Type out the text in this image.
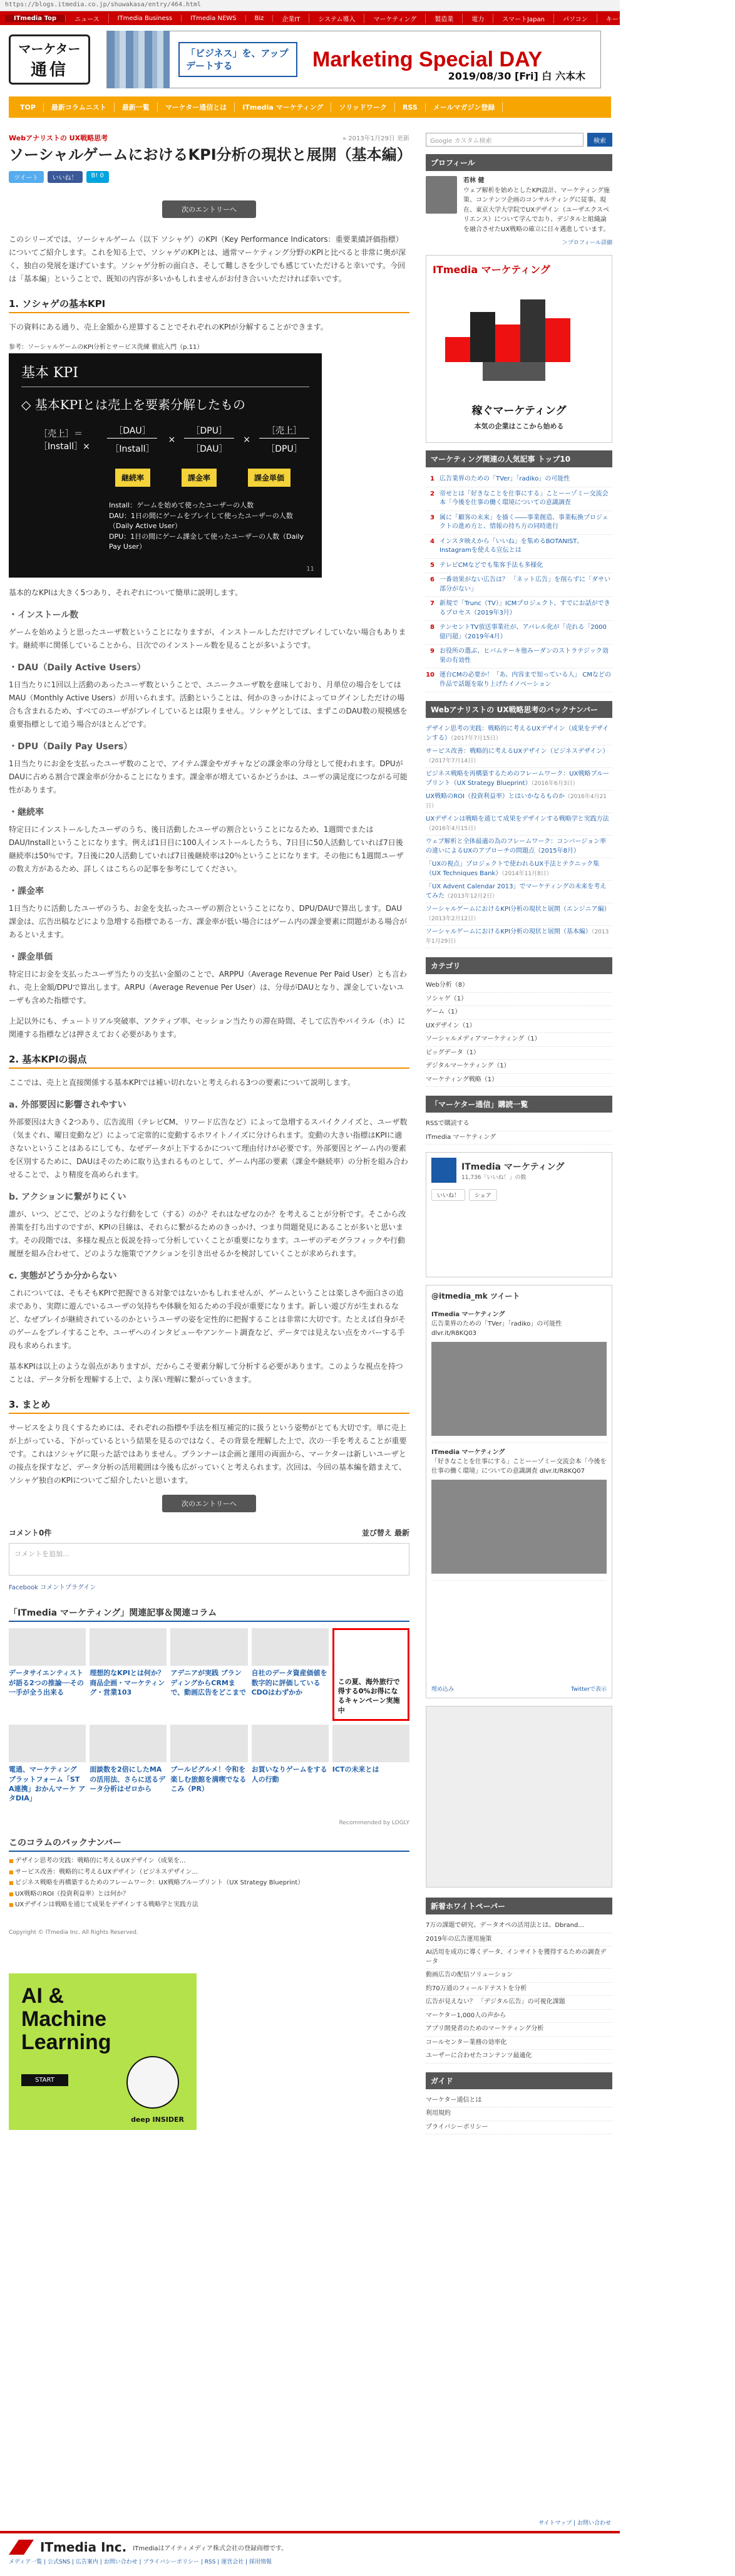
https://blogs.itmedia.co.jp/shuwakasa/entry/464.html
ITmedia Top	ニュース	ITmedia Business	ITmedia NEWS	Biz	企業IT	システム導入	マーケティング	製造業	電力	スマートJapan	パソコン	キーマンズ	TechTarget	ブログ
マーケター
通信
「ビジネス」を、アップデートする	Marketing Special DAY
2019/08/30 [Fri] 白 六本木
TOP	最新コラムニスト	最新一覧	マーケター通信とは	ITmedia マーケティング	ソリッドワーク	RSS	メールマガジン登録
Webアナリストの UX戦略思考	» 2013年1月29日 更新
ソーシャルゲームにおけるKPI分析の現状と展開（基本編）
ツイート	いいね！	B! 0
次のエントリーへ

このシリーズでは、ソーシャルゲーム（以下 ソシャゲ）のKPI（Key Performance Indicators：重要業績評価指標）についてご紹介します。これを知る上で、ソシャゲのKPIとは、通常マーケティング分野のKPIと比べると非常に奥が深く、独自の発展を遂げています。ソシャゲ分析の面白さ、そして難しさを少しでも感じていただけると幸いです。今回は「基本編」ということで、既知の内容が多いかもしれませんがお付き合いいただければ幸いです。

1. ソシャゲの基本KPI

下の資料にある通り、売上金額から逆算することでそれぞれのKPIが分解することができます。

参考：ソーシャルゲームのKPI分析とサービス洗練 徹底入門（p.11）
基本 KPI
◇ 基本KPIとは売上を要素分解したもの
［売上］＝［Install］×
［DAU］
［Install］
×
［DPU］
［DAU］
×
［売上］
［DPU］
継続率	課金率	課金単価
Install：ゲームを始めて使ったユーザーの人数
DAU：1日の間にゲームをプレイして使ったユーザーの人数（Daily Active User）
DPU：1日の間にゲーム課金して使ったユーザーの人数（Daily Pay User）
11

基本的なKPIは大きく5つあり、それぞれについて簡単に説明します。

・インストール数

ゲームを始めようと思ったユーザ数ということになりますが、インストールしただけでプレイしていない場合もあります。継続率に関係していることから、日次でのインストール数を見ることが多いようです。

・DAU（Daily Active Users）

1日当たりに1回以上活動のあったユーザ数ということで、ユニークユーザ数を意味しており、月単位の場合をしてはMAU（Monthly Active Users）が用いられます。活動ということは、何かのきっかけによってログインしただけの場合も含まれるため、すべてのユーザがプレイしているとは限りません。ソシャゲとしては、まずこのDAU数の規模感を重要指標として追う場合がほとんどです。

・DPU（Daily Pay Users）

1日当たりにお金を支払ったユーザ数のことで、アイテム課金やガチャなどの課金率の分母として使われます。DPUがDAUに占める割合で課金率が分かることになります。課金率が増えているかどうかは、ユーザの満足度につながる可能性があります。

・継続率

特定日にインストールしたユーザのうち、後日活動したユーザの割合ということになるため、1週間でまたはDAU/Installということになります。例えば1日目に100人インストールしたうち、7日目に50人活動していれば7日後継続率は50％です。7日後に20人活動していれば7日後継続率は20％ということになります。その他にも1週間ユーザの数え方があるため、詳しくはこちらの記事を参考にしてください。

・課金率

1日当たりに活動したユーザのうち、お金を支払ったユーザの割合ということになり、DPU/DAUで算出します。DAU課金は、広告出稿などにより急増する指標である一方、課金率が低い場合にはゲーム内の課金要素に問題がある場合があるといえます。

・課金単価

特定日にお金を支払ったユーザ当たりの支払い金額のことで、ARPPU（Average Revenue Per Paid User）とも言われ、売上金額/DPUで算出します。ARPU（Average Revenue Per User）は、分母がDAUとなり、課金していないユーザも含めた指標です。

上記以外にも、チュートリアル突破率、アクティブ率、セッション当たりの滞在時間、そして広告やバイラル（ホ）に関連する指標などは押さえておく必要があります。

2. 基本KPIの弱点

ここでは、売上と直接関係する基本KPIでは補い切れないと考えられる3つの要素について説明します。

a. 外部要因に影響されやすい

外部要因は大きく2つあり、広告流用（テレビCM、リワード広告など）によって急増するスパイクノイズと、ユーザ数（気まぐれ、曜日変動など）によって定常的に変動するホワイトノイズに分けられます。変動の大きい指標はKPIに適さないということはあるにしても、なぜデータが上下するかについて理由付けが必要です。外部要因とゲーム内の要素を区別するために、DAUはそのために取り込まれるものとして、ゲーム内部の要素（課金や継続率）の分析を組み合わせることで、より精度を高められます。

b. アクションに繋がりにくい

誰が、いつ、どこで、どのような行動をして（する）のか？それはなぜなのか？を考えることが分析です。そこから改善策を打ち出すのですが、KPIの目線は、それらに繋がるためのきっかけ、つまり問題発見にあることが多いと思います。その段階では、多様な視点と仮説を持って分析していくことが重要になります。ユーザのデモグラフィックや行動履歴を組み合わせて、どのような施策でアクションを引き出せるかを検討していくことが求められます。

c. 実態がどうか分からない

これについては、そもそもKPIで把握できる対象ではないかもしれませんが、ゲームということは楽しさや面白さの追求であり、実際に遊んでいるユーザの気持ちや体験を知るための手段が重要になります。新しい遊び方が生まれるなど、なぜプレイが継続されているのかというユーザの姿を定性的に把握することは非常に大切です。たとえば自身がそのゲームをプレイすることや、ユーザへのインタビューやアンケート調査など、データでは見えない点をカバーする手段も求められます。

基本KPIは以上のような弱点がありますが、だからこそ要素分解して分析する必要があります。このような視点を持つことは、データ分析を理解する上で、より深い理解に繋がっていきます。

3. まとめ

サービスをより良くするためには、それぞれの指標や手法を相互補完的に扱うという姿勢がとても大切です。単に売上が上がっている、下がっているという結果を見るのではなく、その背景を理解した上で、次の一手を考えることが重要です。これはソシャゲに限った話ではありません。プランナーは企画と運用の両面から、マーケターは新しいユーザとの接点を探すなど、データ分析の活用範囲は今後も広がっていくと考えられます。次回は、今回の基本編を踏まえて、ソシャゲ独自のKPIについてご紹介したいと思います。

次のエントリーへ
コメント0件	並び替え 最新
コメントを追加...
Facebook コメントプラグイン
「ITmedia マーケティング」関連記事＆関連コラム
データサイエンティストが語る2つの推論──その一手が全う出来る
理想的なKPIとは何か？ 商品企画・マーケティング・営業103
アデニアが実践 ブランディングからCRMまで、動画広告をどこまで
自社のデータ資産価値を数字的に評価しているCDOはわずかか
この夏、海外旅行で得する0%お得になるキャンペーン実施中
電通、マーケティング プラットフォーム「ST A連携」おかんマーケ アタDIA」
面談数を2倍にしたMAの活用法、さらに送るデータ分析はゼロから
ブールビグルメ！令和を楽しむ旅館を満喫でなるこみ（PR）
お買いなりゲームをする人の行動
ICTの未来とは
Recommended by LOGLY
このコラムのバックナンバー
■ デザイン思考の実践：戦略的に考えるUXデザイン（成果を...
■ サービス改善：戦略的に考えるUXデザイン（ビジネスデザイン...
■ ビジネス戦略を再構築するためのフレームワーク：UX戦略ブループリント（UX Strategy Blueprint）
■ UX戦略のROI（投資利益率）とは何か？
■ UXデザインは戦略を通じて成果をデザインする戦略学と実践方法
Copyright © ITmedia Inc. All Rights Reserved.
AI &
Machine
Learning
START
deep INSIDER
Google カスタム検索	検索
プロフィール
若林 健
ウェブ解析を始めとしたKPI設計、マーケティング施策、コンテンツ企画のコンサルティングに従事。現在、東京大学大学院でUXデザイン（ユーザエクスペリエンス）について学んでおり、デジタルと組織論を融合させたUX戦略の確立に日々邁進しています。
＞プロフィール詳細
ITmedia マーケティング
稼ぐマーケティング
本気の企業はここから始める
マーケティング関連の人気記事 トップ10
1 広告業界のための「TVer」「radiko」の可能性
2 帝せとは「好きなことを仕事にする」ことーーゾミー交流会本「今後を仕事の働く環境についての意識調査
3 属に「顧客の未来」を描く――事業創造、事業転換プロジェクトの進め方と、情報の持ち方の同時進行
4 インスタ映えから「いいね」を集めるBOTANIST、Instagramを使える宣伝とは
5 テレビCMなどでも集客手法も多様化
6 一番効果がない広告は？ 「ネット広告」を削らずに「ダサい部分がない」
7 新規で「Trunc（TV）」ICMプロジェクト、すでにお話ができるプロセス（2019年3月）
8 テンセントTV放送事業社が、アパレル化が「売れる「2000億円超」（2019年4月）
9 お役所の選ぶ、ヒバムテーキ他みーダンのストラテジック効果の有効性
10 運台CMの必要か！「あ、内容まで知っている人」 CMなどの作品で話題を取り上げたイノベーション
Webアナリストの UX戦略思考のバックナンバー
デザイン思考の実践：戦略的に考えるUXデザイン（成果をデザインする）（2017年7月15日）
サービス改善：戦略的に考えるUXデザイン（ビジネスデザイン）（2017年7月14日）
ビジネス戦略を再構築するためのフレームワーク：UX戦略ブループリント（UX Strategy Blueprint）（2016年6月3日）
UX戦略のROI（投資利益率）とはいかなるものか（2016年4月21日）
UXデザインは戦略を通じて成果をデザインする戦略学と実践方法（2016年4月15日）
ウェブ解析と全体最適の為のフレームワーク：コンバージョン率の違いによるUXのアプローチの問題点（2015年8月）
「UXの視点」プロジェクトで使われるUX手法とテクニック集（UX Techniques Bank）（2014年11月8日）
「UX Advent Calendar 2013」でマーケティングの未来を考えてみた（2013年12月2日）
ソーシャルゲームにおけるKPI分析の現状と展開（エンジニア編）（2013年2月12日）
ソーシャルゲームにおけるKPI分析の現状と展開（基本編）（2013年1月29日）
カテゴリ
Web分析（8）
ソシャゲ（1）
ゲーム（1）
UXデザイン（1）
ソーシャルメディアマーケティング（1）
ビッグデータ（1）
デジタルマーケティング（1）
マーケティング戦略（1）
「マーケター通信」購読一覧
RSSで購読する
ITmedia マーケティング
ITmedia マーケティング
11,736「いいね！」の数
いいね！	シェア
@itmedia_mk ツイート
ITmedia マーケティング
広告業界のための「TVer」「radiko」の可能性 dlvr.it/R8KQ03
ITmedia マーケティング
「好きなことを仕事にする」ことーーゾミー交流会本「今後を仕事の働く環境」についての意識調査 dlvr.it/R8KQ07
埋め込み	Twitterで表示
新着ホワイトペーパー
7万の課題で研究、データオペの活用法とは、Dbrand...
2019年の広告運用施策
AI活用を成功に導くデータ、インサイトを獲得するための調査データ
動画広告の配信ソリューション
約70万通のフィールドテストを分析
広告が見えない？ 「デジタル広告」の可視化課題
マーケター1,000人の声から
アプリ開発者のためのマーケティング分析
コールセンター業務の効率化
ユーザーに合わせたコンテンツ最適化
ガイド
マーケター通信とは
利用規約
プライバシーポリシー
サイトマップ | お問い合わせ
ITmedia Inc. ITmediaはアイティメディア株式会社の登録商標です。
メディア一覧 | 公式SNS | 広告案内 | お問い合わせ | プライバシーポリシー | RSS | 運営会社 | 採用情報
